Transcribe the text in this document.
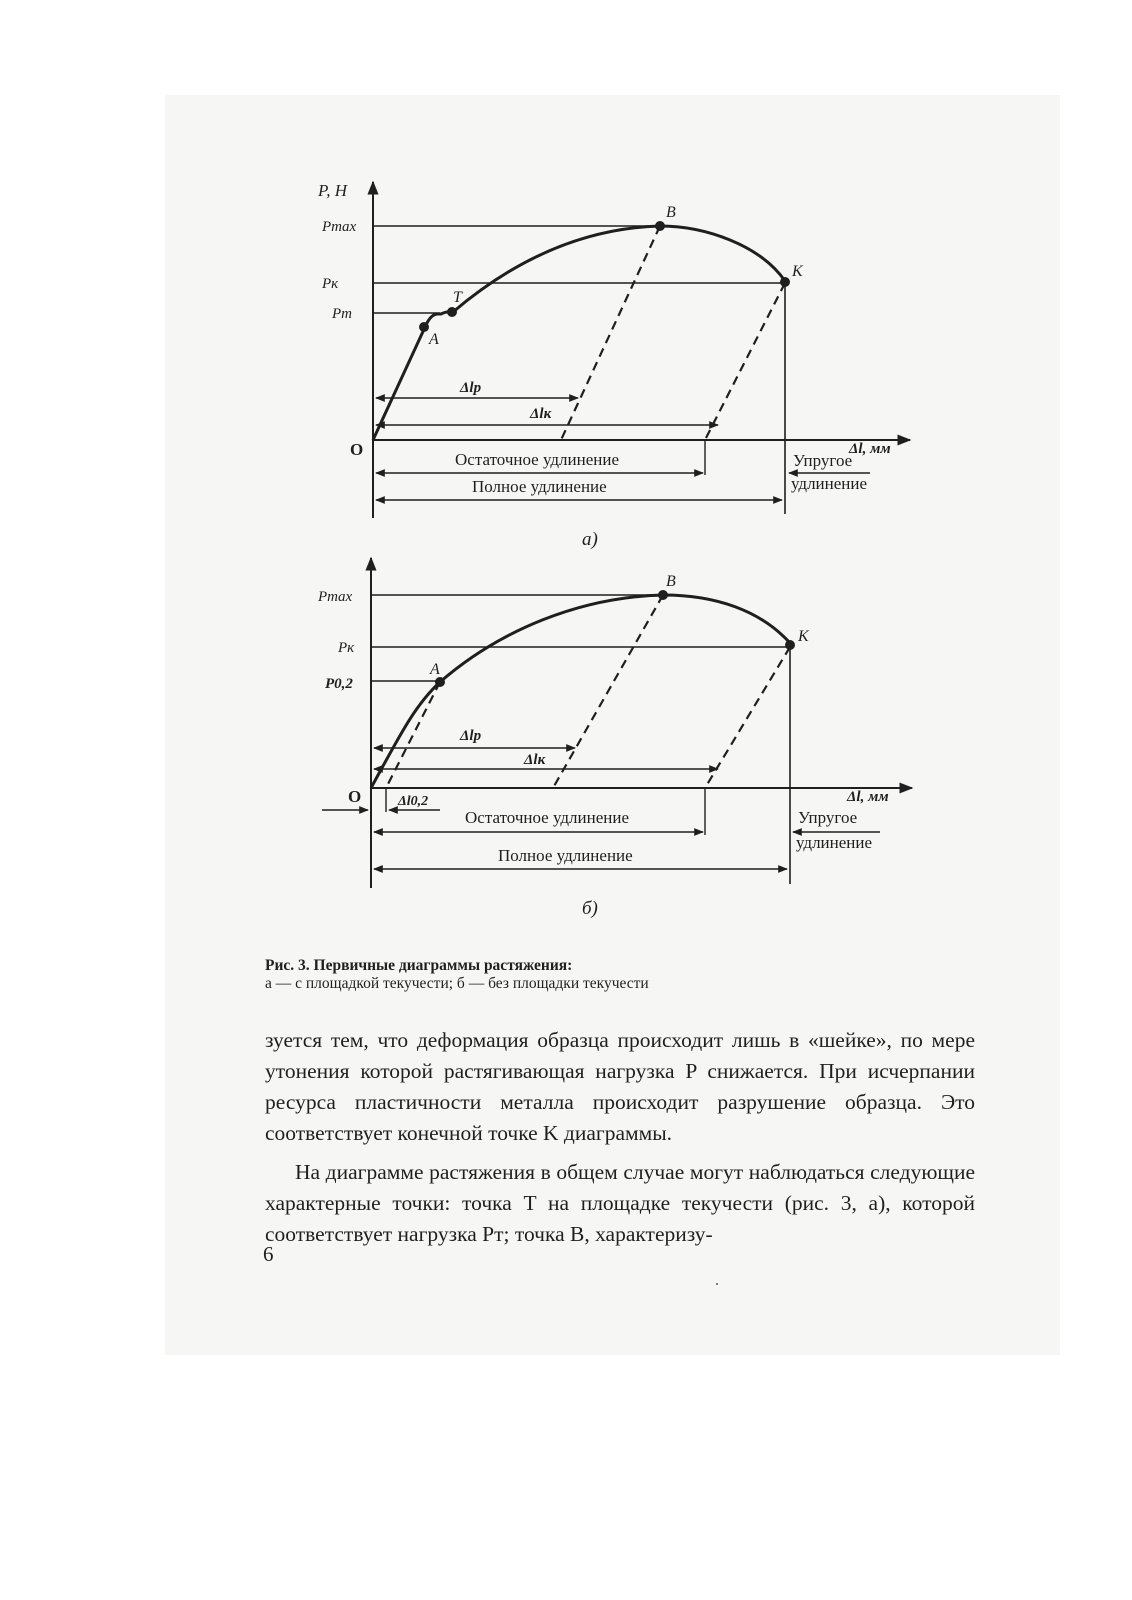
P, Н
Pmax
Pк
Pт
O	Δl, мм
A
T
B
K
Δlр
Δlк
Остаточное удлинение	Упругое
удлинение
Полное удлинение
а)
Pmax
Pк
P0,2
O	Δl, мм
A
B
K
Δlр
Δlк
Δl0,2
Остаточное удлинение	Упругое
удлинение
Полное удлинение
б)
Рис. 3. Первичные диаграммы растяжения:
а — с площадкой текучести; б — без площадки текучести

зуется тем, что деформация образца происходит лишь в «шейке», по мере утонения которой растягивающая нагрузка P снижается. При исчерпании ресурса пластичности металла происходит разрушение образца. Это соответствует конечной точке K диаграммы.

На диаграмме растяжения в общем случае могут наблюдаться следующие характерные точки: точка T на площадке текучести (рис. 3, а), которой соответствует нагрузка Pт; точка B, характеризу-

6
